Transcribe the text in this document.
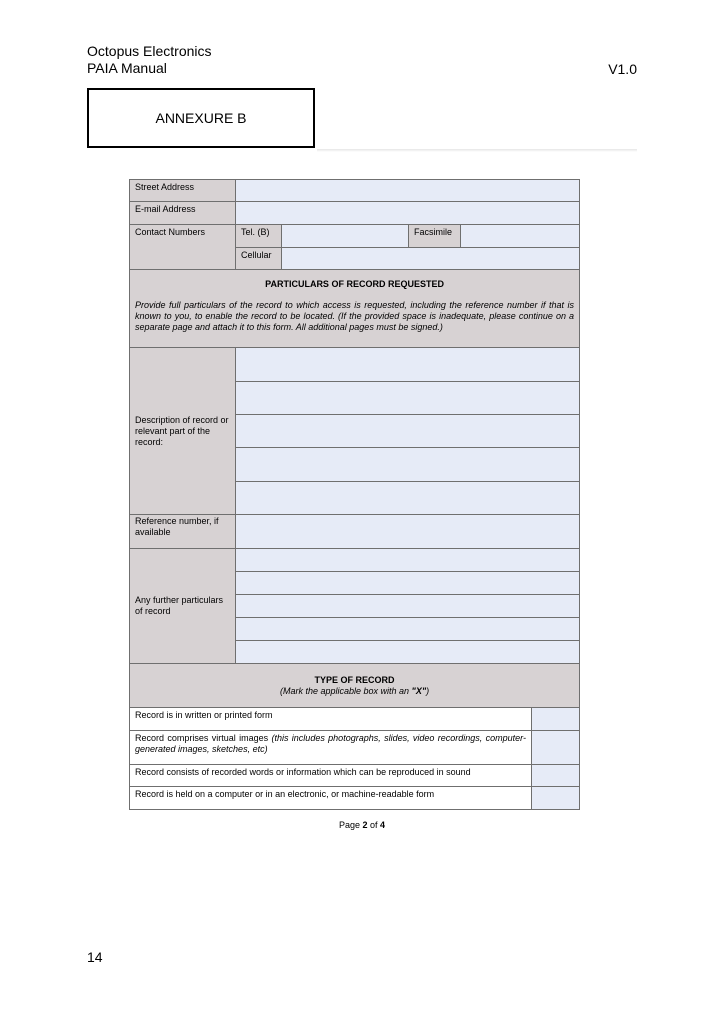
Octopus Electronics
PAIA Manual	V1.0
ANNEXURE B
Street Address					
E-mail Address					
Contact Numbers	Tel. (B)		Facsimile		
	Cellular				

PARTICULARS OF RECORD REQUESTED
Provide full particulars of the record to which access is requested, including the reference number if that is known to you, to enable the record to be located. (If the provided space is inadequate, please continue on a separate page and attach it to this form. All additional pages must be signed.)					

Description of record or relevant part of the record:					

Reference number, if available					
Any further particulars of record					

TYPE OF RECORD
(Mark the applicable box with an "X")					

Record is in written or printed form					
Record comprises virtual images (this includes photographs, slides, video recordings, computer-generated images, sketches, etc)					
Record consists of recorded words or information which can be reproduced in sound					
Record is held on a computer or in an electronic, or machine-readable form					
Page 2 of 4
14
